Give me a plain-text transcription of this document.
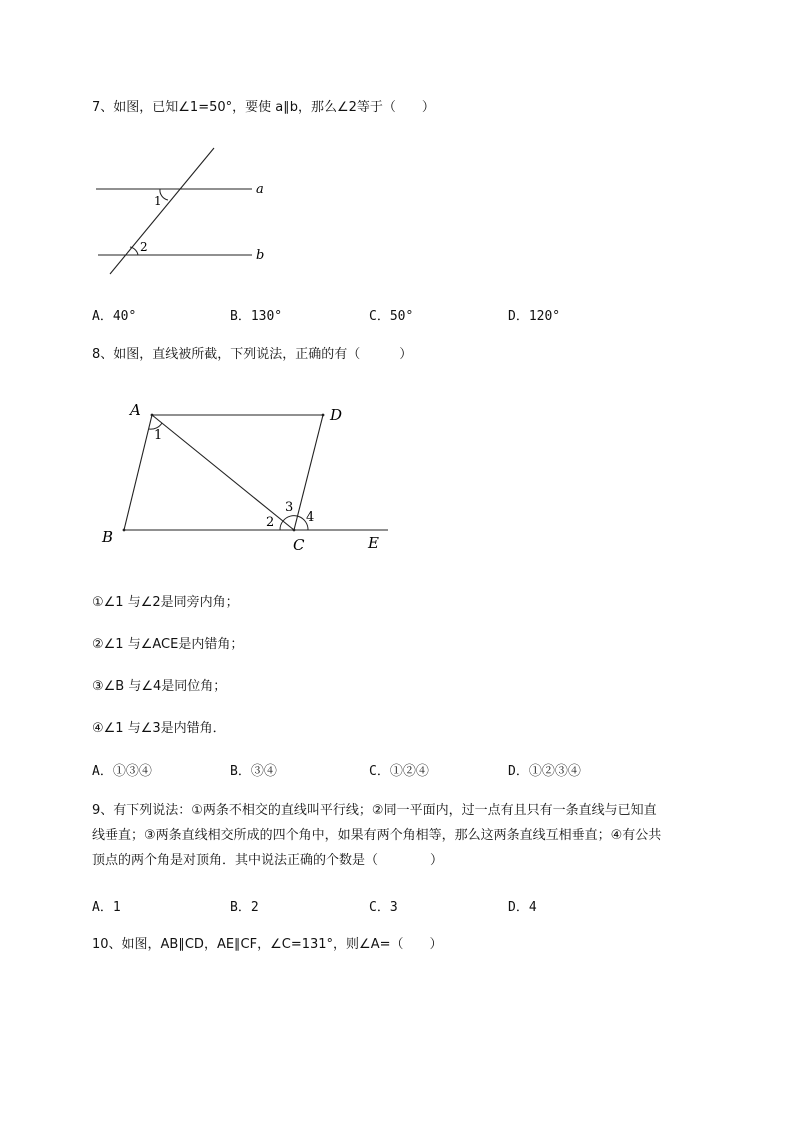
7、如图，已知∠1=50°，要使 a∥b，那么∠2等于（　　）
a
b
1
2
A．40°	B．130°	C．50°	D．120°
8、如图，直线被所截，下列说法，正确的有（　　　）
A	D
B	C	E
1
2
3
4
①∠1 与∠2是同旁内角；
②∠1 与∠ACE是内错角；
③∠B 与∠4是同位角；
④∠1 与∠3是内错角．
A．①③④	B．③④	C．①②④	D．①②③④
9、有下列说法：①两条不相交的直线叫平行线；②同一平面内，过一点有且只有一条直线与已知直
线垂直；③两条直线相交所成的四个角中，如果有两个角相等，那么这两条直线互相垂直；④有公共
顶点的两个角是对顶角．其中说法正确的个数是（　　　　）
A．1	B．2	C．3	D．4
10、如图，AB∥CD，AE∥CF，∠C=131°，则∠A=（　　）
